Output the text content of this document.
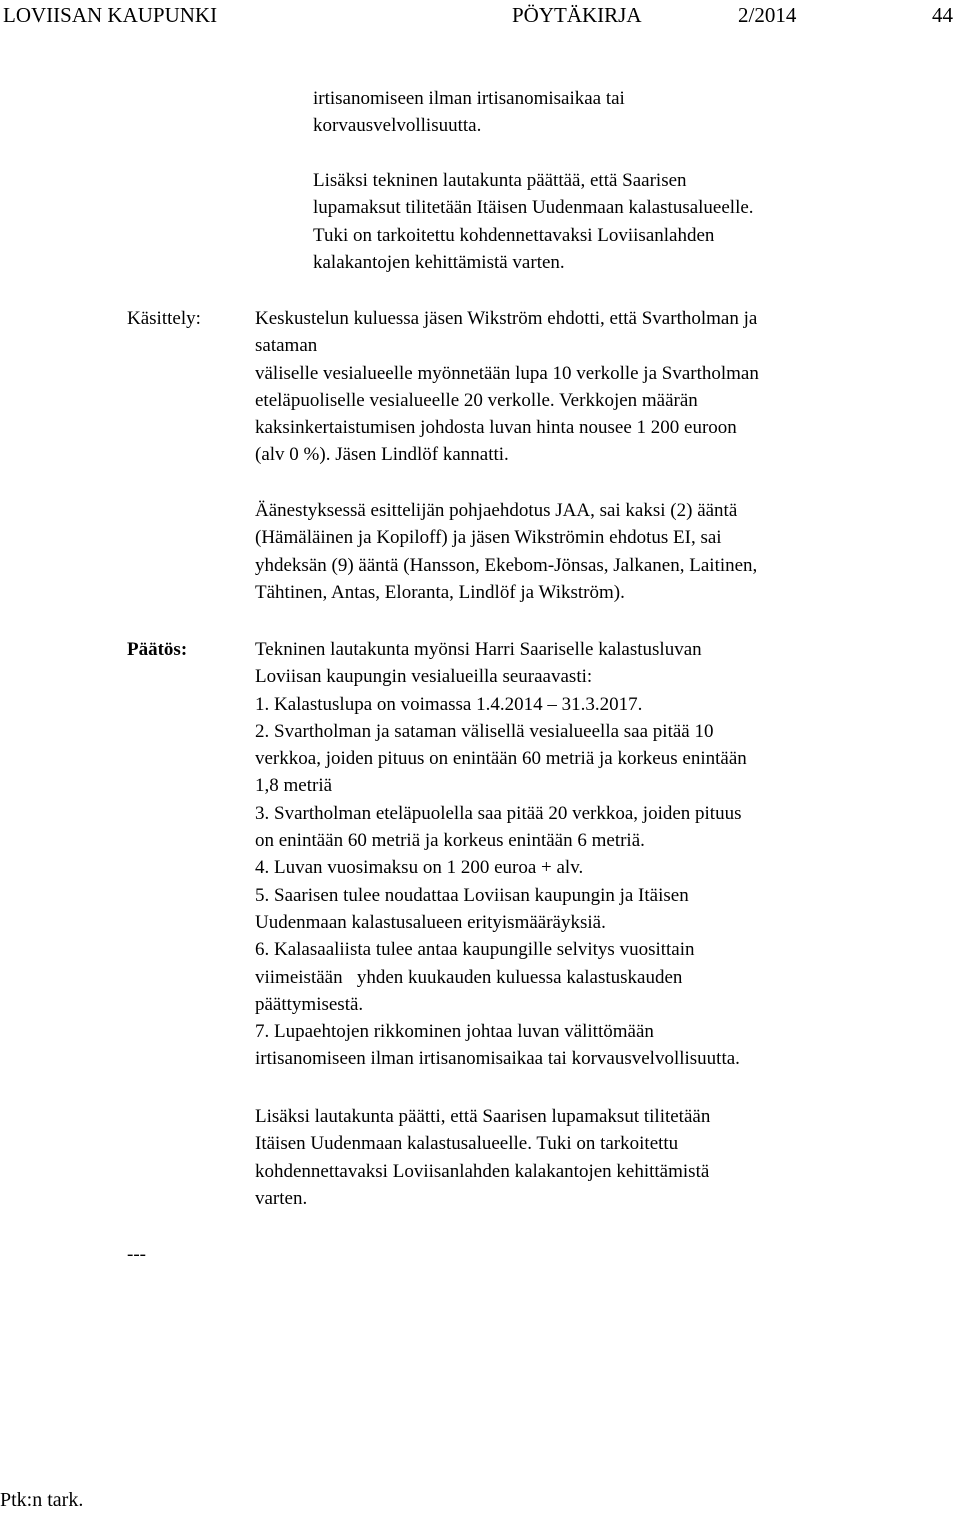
LOVIISAN KAUPUNKI	PÖYTÄKIRJA	2/2014	44
irtisanomiseen ilman irtisanomisaikaa tai
korvausvelvollisuutta.
Lisäksi tekninen lautakunta päättää, että Saarisen
lupamaksut tilitetään Itäisen Uudenmaan kalastusalueelle.
Tuki on tarkoitettu kohdennettavaksi Loviisanlahden
kalakantojen kehittämistä varten.
Käsittely:	Keskustelun kuluessa jäsen Wikström ehdotti, että Svartholman ja
sataman
väliselle vesialueelle myönnetään lupa 10 verkolle ja Svartholman
eteläpuoliselle vesialueelle 20 verkolle. Verkkojen määrän
kaksinkertaistumisen johdosta luvan hinta nousee 1 200 euroon
(alv 0 %). Jäsen Lindlöf kannatti.
Äänestyksessä esittelijän pohjaehdotus JAA, sai kaksi (2) ääntä
(Hämäläinen ja Kopiloff) ja jäsen Wikströmin ehdotus EI, sai
yhdeksän (9) ääntä (Hansson, Ekebom-Jönsas, Jalkanen, Laitinen,
Tähtinen, Antas, Eloranta, Lindlöf ja Wikström).
Päätös:	Tekninen lautakunta myönsi Harri Saariselle kalastusluvan
Loviisan kaupungin vesialueilla seuraavasti:
1. Kalastuslupa on voimassa 1.4.2014 – 31.3.2017.
2. Svartholman ja sataman välisellä vesialueella saa pitää 10
verkkoa, joiden pituus on enintään 60 metriä ja korkeus enintään
1,8 metriä
3. Svartholman eteläpuolella saa pitää 20 verkkoa, joiden pituus
on enintään 60 metriä ja korkeus enintään 6 metriä.
4. Luvan vuosimaksu on 1 200 euroa + alv.
5. Saarisen tulee noudattaa Loviisan kaupungin ja Itäisen
Uudenmaan kalastusalueen erityismääräyksiä.
6. Kalasaaliista tulee antaa kaupungille selvitys vuosittain
viimeistään   yhden kuukauden kuluessa kalastuskauden
päättymisestä.
7. Lupaehtojen rikkominen johtaa luvan välittömään
irtisanomiseen ilman irtisanomisaikaa tai korvausvelvollisuutta.
Lisäksi lautakunta päätti, että Saarisen lupamaksut tilitetään
Itäisen Uudenmaan kalastusalueelle. Tuki on tarkoitettu
kohdennettavaksi Loviisanlahden kalakantojen kehittämistä
varten.
---
Ptk:n tark.
